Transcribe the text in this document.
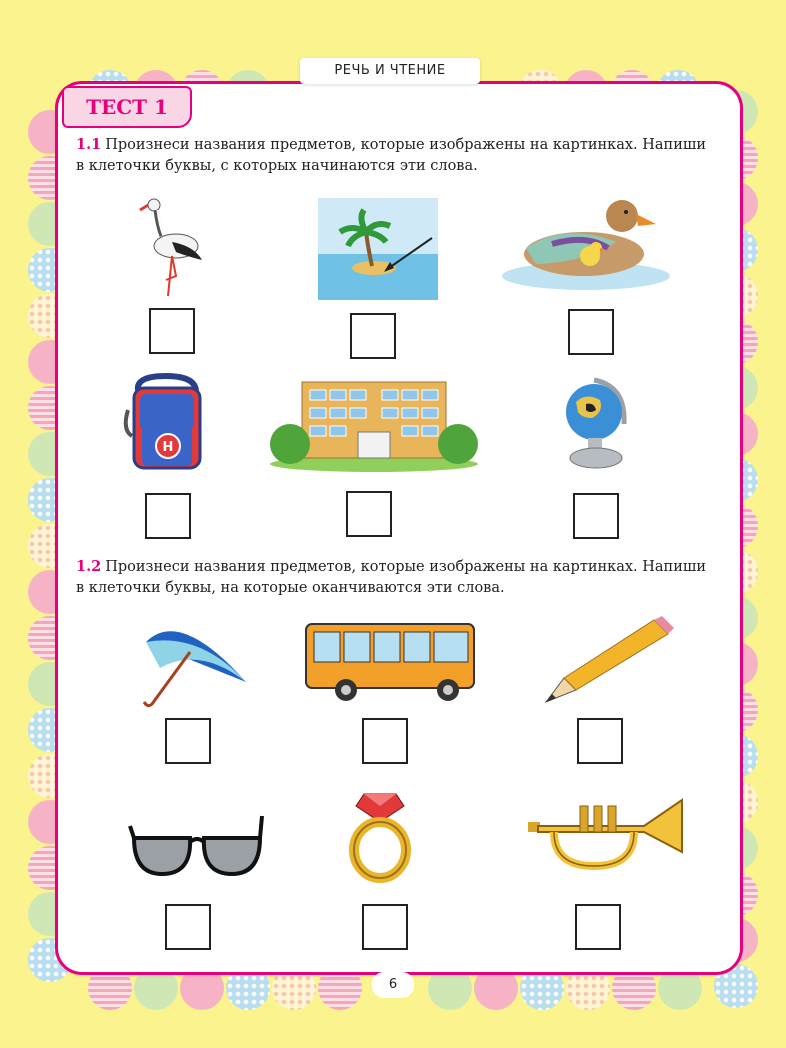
РЕЧЬ И ЧТЕНИЕ
ТЕСТ 1
1.1 Произнеси названия предметов, которые изображены на картинках. Напиши
в клеточки буквы, с которых начинаются эти слова.
H
1.2 Произнеси названия предметов, которые изображены на картинках. Напиши
в клеточки буквы, на которые оканчиваются эти слова.
6
